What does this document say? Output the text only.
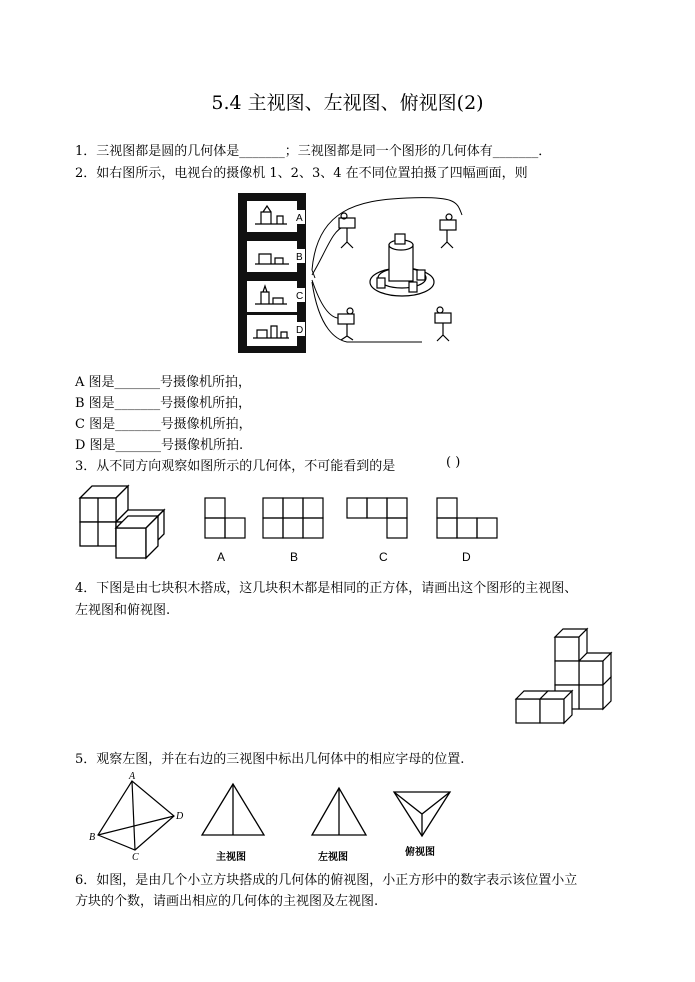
5.4 主视图、左视图、俯视图(2)
1．三视图都是圆的几何体是_______；三视图都是同一个图形的几何体有_______．
2．如右图所示，电视台的摄像机 1、2、3、4 在不同位置拍摄了四幅画面，则
A
B
C
D
A 图是_______号摄像机所拍，
B 图是_______号摄像机所拍，
C 图是_______号摄像机所拍，
D 图是_______号摄像机所拍.
3．从不同方向观察如图所示的几何体，不可能看到的是	( )
A	B	C	D
4．下图是由七块积木搭成，这几块积木都是相同的正方体，请画出这个图形的主视图、
左视图和俯视图.
5．观察左图，并在右边的三视图中标出几何体中的相应字母的位置.
A
B
C
D
主视图	左视图	俯视图
6．如图，是由几个小立方块搭成的几何体的俯视图，小正方形中的数字表示该位置小立
方块的个数，请画出相应的几何体的主视图及左视图.
